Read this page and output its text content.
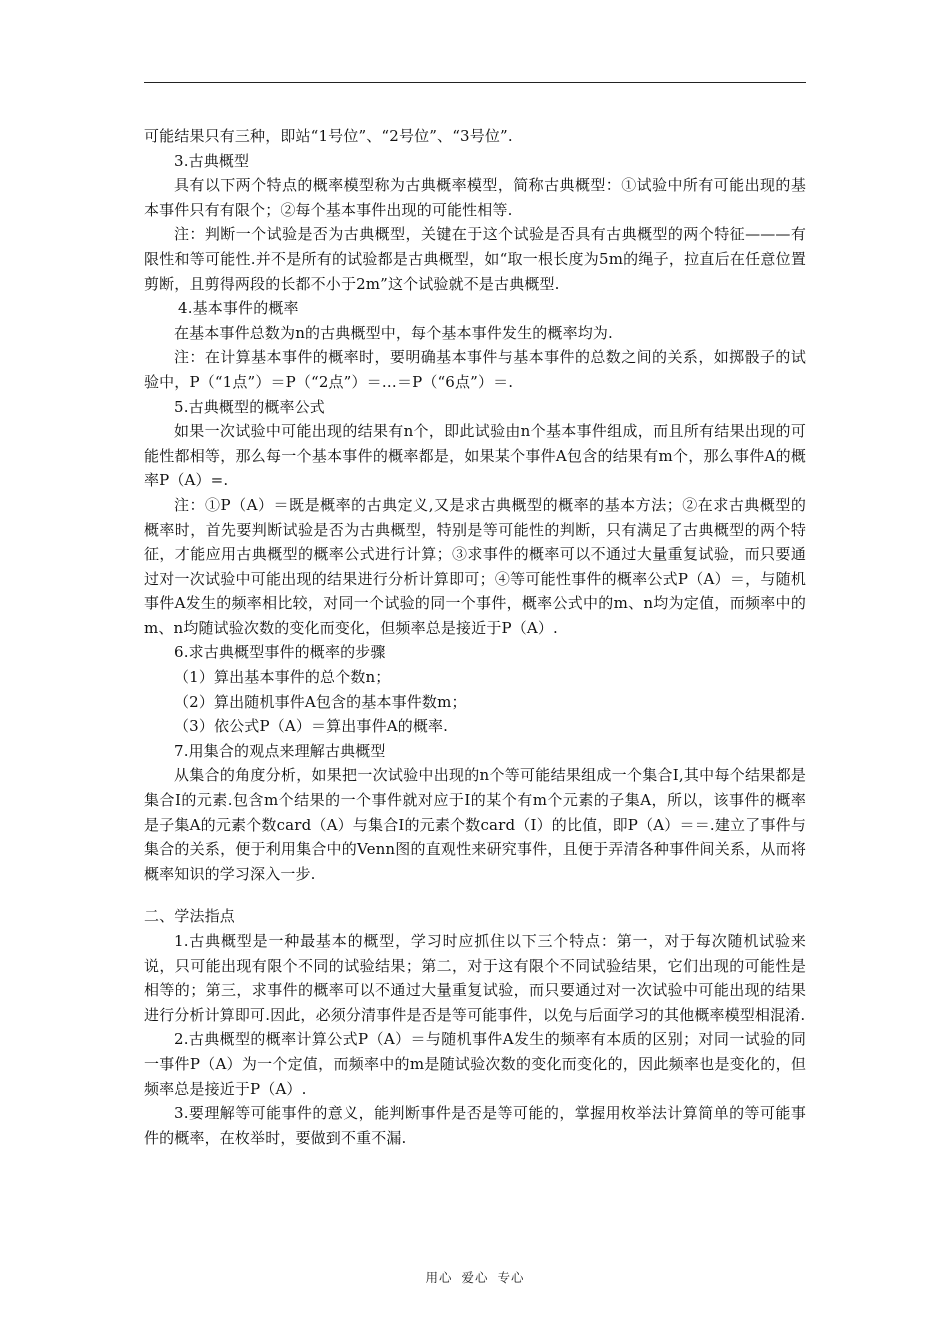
可能结果只有三种，即站“1号位”、“2号位”、“3号位”.

3.古典概型

具有以下两个特点的概率模型称为古典概率模型，简称古典概型：①试验中所有可能出现的基本事件只有有限个；②每个基本事件出现的可能性相等.

注：判断一个试验是否为古典概型，关键在于这个试验是否具有古典概型的两个特征———有限性和等可能性.并不是所有的试验都是古典概型，如“取一根长度为5m的绳子，拉直后在任意位置剪断，且剪得两段的长都不小于2m”这个试验就不是古典概型.

4.基本事件的概率

在基本事件总数为n的古典概型中，每个基本事件发生的概率均为.

注：在计算基本事件的概率时，要明确基本事件与基本事件的总数之间的关系，如掷骰子的试验中，P（“1点”）＝P（“2点”）＝…＝P（“6点”）＝.

5.古典概型的概率公式

如果一次试验中可能出现的结果有n个，即此试验由n个基本事件组成，而且所有结果出现的可能性都相等，那么每一个基本事件的概率都是，如果某个事件A包含的结果有m个，那么事件A的概率P（A）=.

注：①P（A）＝既是概率的古典定义,又是求古典概型的概率的基本方法；②在求古典概型的概率时，首先要判断试验是否为古典概型，特别是等可能性的判断，只有满足了古典概型的两个特征，才能应用古典概型的概率公式进行计算；③求事件的概率可以不通过大量重复试验，而只要通过对一次试验中可能出现的结果进行分析计算即可；④等可能性事件的概率公式P（A）＝，与随机事件A发生的频率相比较，对同一个试验的同一个事件，概率公式中的m、n均为定值，而频率中的m、n均随试验次数的变化而变化，但频率总是接近于P（A）.

6.求古典概型事件的概率的步骤

（1）算出基本事件的总个数n；

（2）算出随机事件A包含的基本事件数m；

（3）依公式P（A）＝算出事件A的概率.

7.用集合的观点来理解古典概型

从集合的角度分析，如果把一次试验中出现的n个等可能结果组成一个集合I,其中每个结果都是集合I的元素.包含m个结果的一个事件就对应于I的某个有m个元素的子集A，所以，该事件的概率是子集A的元素个数card（A）与集合Ⅰ的元素个数card（Ⅰ）的比值，即P（A）＝＝.建立了事件与集合的关系，便于利用集合中的Venn图的直观性来研究事件，且便于弄清各种事件间关系，从而将概率知识的学习深入一步.

二、学法指点

1.古典概型是一种最基本的概型，学习时应抓住以下三个特点：第一，对于每次随机试验来说，只可能出现有限个不同的试验结果；第二，对于这有限个不同试验结果，它们出现的可能性是相等的；第三，求事件的概率可以不通过大量重复试验，而只要通过对一次试验中可能出现的结果进行分析计算即可.因此，必须分清事件是否是等可能事件，以免与后面学习的其他概率模型相混淆.

2.古典概型的概率计算公式P（A）＝与随机事件A发生的频率有本质的区别；对同一试验的同一事件P（A）为一个定值，而频率中的m是随试验次数的变化而变化的，因此频率也是变化的，但频率总是接近于P（A）.

3.要理解等可能事件的意义，能判断事件是否是等可能的，掌握用枚举法计算简单的等可能事件的概率，在枚举时，要做到不重不漏.

用心 爱心 专心
